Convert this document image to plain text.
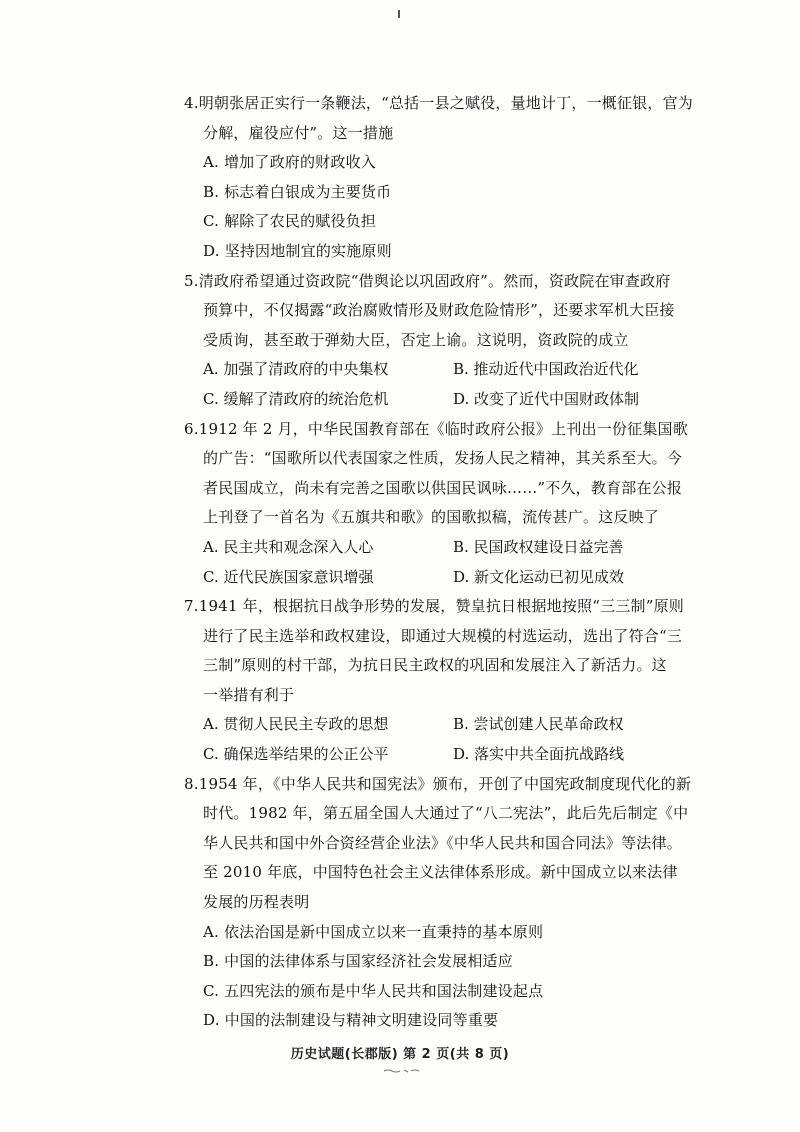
4.明朝张居正实行一条鞭法，“总括一县之赋役，量地计丁，一概征银，官为
分解，雇役应付”。这一措施
A. 增加了政府的财政收入
B. 标志着白银成为主要货币
C. 解除了农民的赋役负担
D. 坚持因地制宜的实施原则
5.清政府希望通过资政院“借舆论以巩固政府”。然而，资政院在审查政府
预算中，不仅揭露“政治腐败情形及财政危险情形”，还要求军机大臣接
受质询，甚至敢于弹劾大臣，否定上谕。这说明，资政院的成立
A. 加强了清政府的中央集权	B. 推动近代中国政治近代化
C. 缓解了清政府的统治危机	D. 改变了近代中国财政体制
6.1912 年 2 月，中华民国教育部在《临时政府公报》上刊出一份征集国歌
的广告：“国歌所以代表国家之性质，发扬人民之精神，其关系至大。今
者民国成立，尚未有完善之国歌以供国民讽咏……”不久，教育部在公报
上刊登了一首名为《五旗共和歌》的国歌拟稿，流传甚广。这反映了
A. 民主共和观念深入人心	B. 民国政权建设日益完善
C. 近代民族国家意识增强	D. 新文化运动已初见成效
7.1941 年，根据抗日战争形势的发展，赞皇抗日根据地按照“三三制”原则
进行了民主选举和政权建设，即通过大规模的村选运动，选出了符合“三
三制”原则的村干部，为抗日民主政权的巩固和发展注入了新活力。这
一举措有利于
A. 贯彻人民民主专政的思想	B. 尝试创建人民革命政权
C. 确保选举结果的公正公平	D. 落实中共全面抗战路线
8.1954 年，《中华人民共和国宪法》颁布，开创了中国宪政制度现代化的新
时代。1982 年，第五届全国人大通过了“八二宪法”，此后先后制定《中
华人民共和国中外合资经营企业法》《中华人民共和国合同法》等法律。
至 2010 年底，中国特色社会主义法律体系形成。新中国成立以来法律
发展的历程表明
A. 依法治国是新中国成立以来一直秉持的基本原则
B. 中国的法律体系与国家经济社会发展相适应
C. 五四宪法的颁布是中华人民共和国法制建设起点
D. 中国的法制建设与精神文明建设同等重要
历史试题(长郡版) 第 2 页(共 8 页)
